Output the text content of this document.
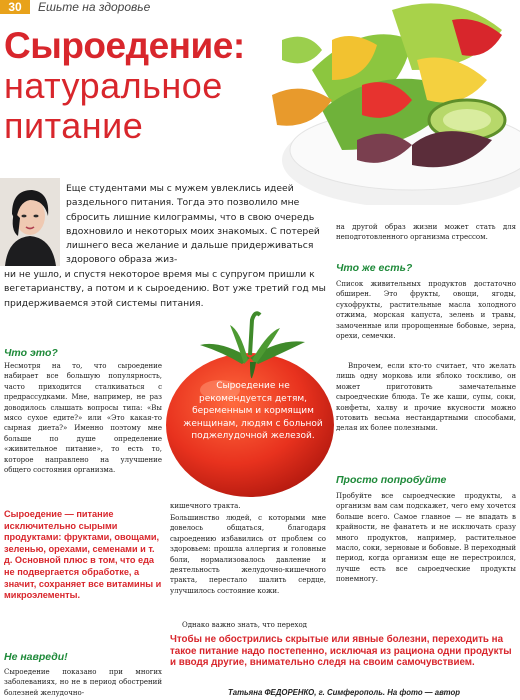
30	Ешьте на здоровье
Сыроедение:
натуральное
питание
Еще студентами мы с мужем увлеклись идеей раздельного питания. Тогда это позволило мне сбросить лишние килограммы, что в свою очередь вдохновило и некоторых моих знакомых. С потерей лишнего веса желание и дальше придерживаться здорового образа жиз-
ни не ушло, и спустя некоторое время мы с супругом пришли к вегетарианству, а потом и к сыроедению. Вот уже третий год мы придерживаемся этой системы питания.
Что это?
Несмотря на то, что сыроедение набирает все большую популярность, часто приходится сталкиваться с предрассудками. Мне, например, не раз доводилось слышать вопросы типа: «Вы мясо сухое едите?» или «Это какая-то сырная диета?» Именно поэтому мне больше по душе определение «живительное питание», то есть то, которое направлено на улучшение общего состояния организма.
Сыроедение — питание исключительно сырыми продуктами: фруктами, овощами, зеленью, орехами, семенами и т. д. Основной плюс в том, что еда не подвергается обработке, а значит, сохраняет все витамины и микроэлементы.
Не навреди!
Сыроедение показано при многих заболеваниях, но не в период обострений болезней желудочно-
Сыроедение не рекомендуется детям, беременным и кормящим женщинам, людям с больной поджелудочной железой.
кишечного тракта.
Большинство людей, с которыми мне довелось общаться, благодаря сыроедению избавились от проблем со здоровьем: прошла аллергия и головные боли, нормализовалось давление и деятельность желудочно-кишечного тракта, перестало шалить сердце, улучшилось состояние кожи.
Однако важно знать, что переход
на другой образ жизни может стать для неподготовленного организма стрессом.
Что же есть?
Список живительных продуктов достаточно обширен. Это фрукты, овощи, ягоды, сухофрукты, растительные масла холодного отжима, морская капуста, зелень и травы, замоченные или пророщенные бобовые, зерна, орехи, семечки.
Впрочем, если кто-то считает, что желать лишь одну морковь или яблоко тоскливо, он может приготовить замечательные сыроедческие блюда. Те же каши, супы, соки, конфеты, халву и прочие вкусности можно готовить весьма нестандартными способами, делая их более полезными.
Просто попробуйте
Пробуйте все сыроедческие продукты, а организм вам сам подскажет, чего ему хочется больше всего. Самое главное — не впадать в крайности, не фанатеть и не исключать сразу много продуктов, например, растительное масло, соки, зерновые и бобовые. В переходный период, когда организм еще не перестроился, лучше есть все сыроедческие продукты понемногу.
Чтобы не обострились скрытые или явные болезни, переходить на такое питание надо постепенно, исключая из рациона одни продукты и вводя другие, внимательно следя на своим самочувствием.
Татьяна ФЕДОРЕНКО, г. Симферополь. На фото — автор
